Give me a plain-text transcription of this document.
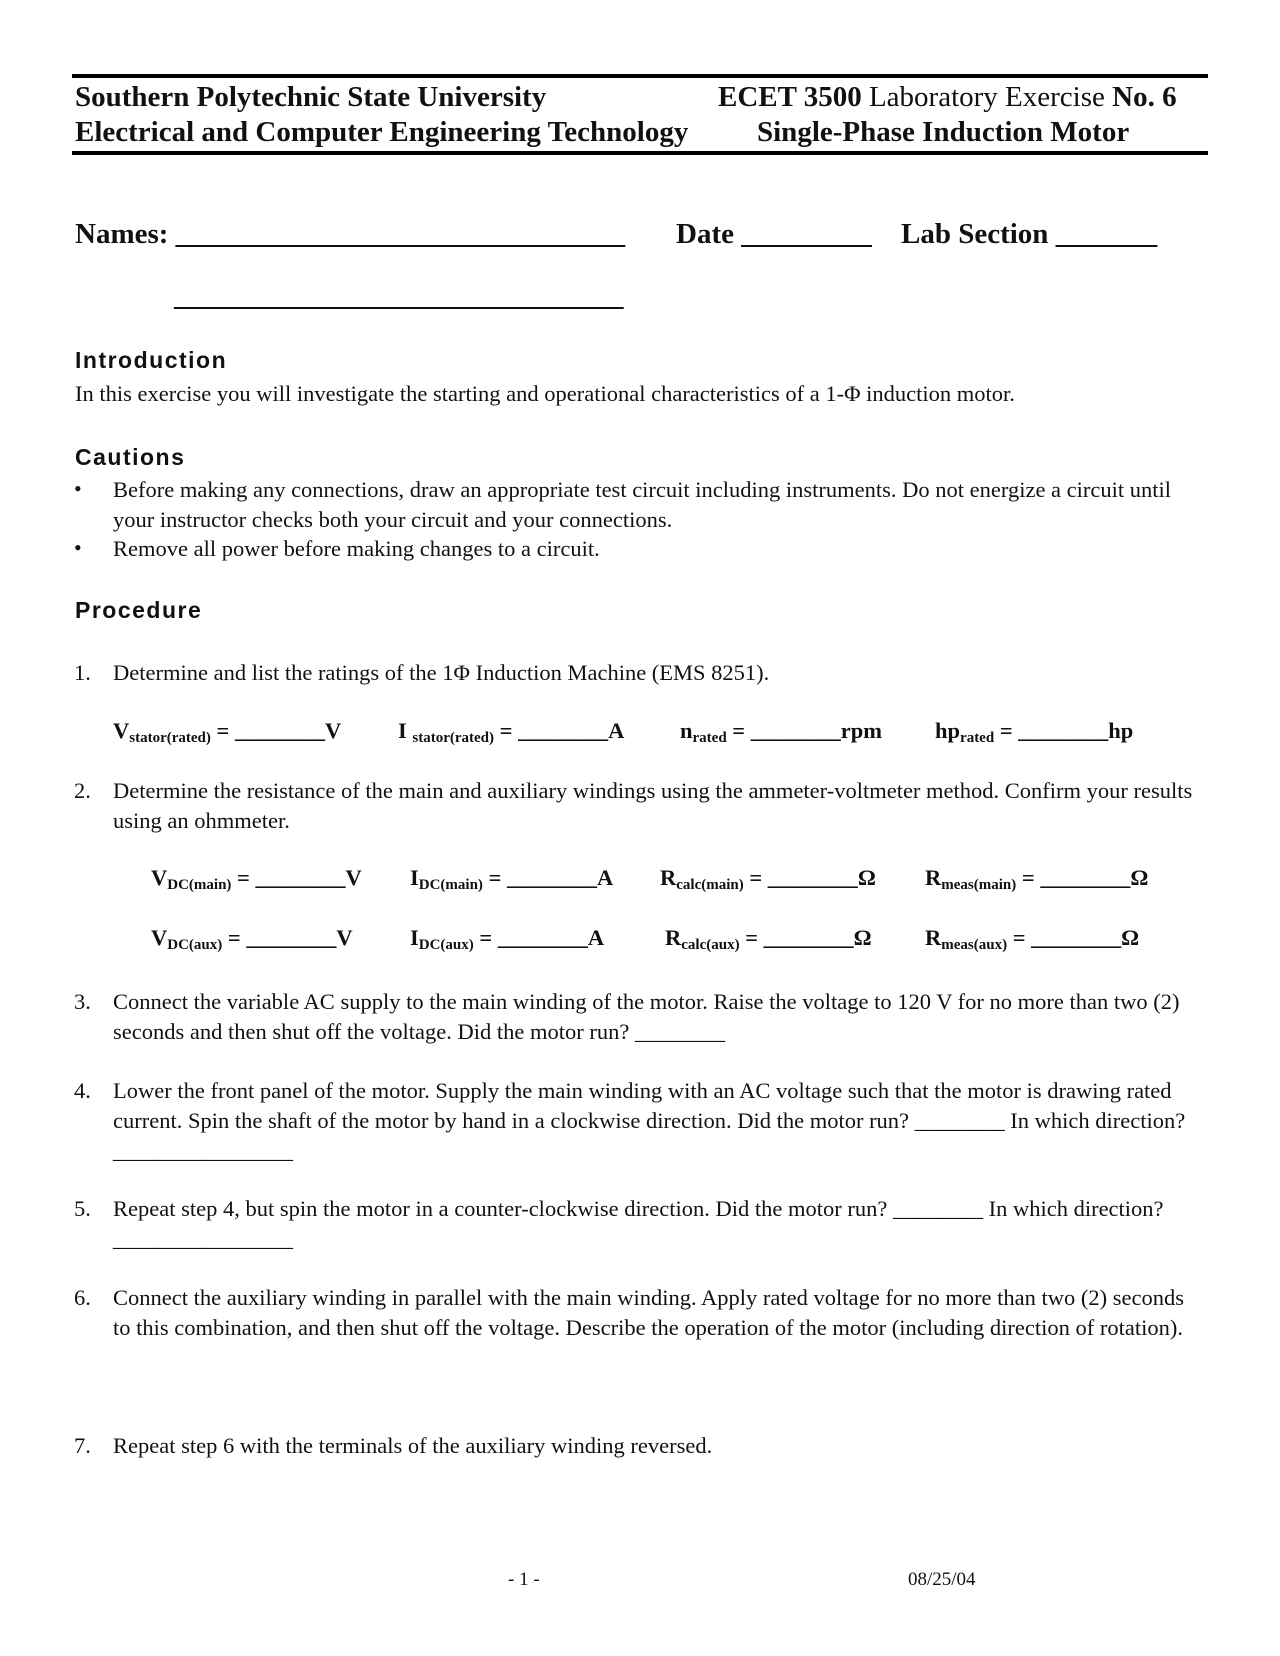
Southern Polytechnic State University	ECET 3500 Laboratory Exercise No. 6
Electrical and Computer Engineering Technology Single-Phase Induction Motor
Names: _______________________________ Date _________ Lab Section _______
_______________________________
Introduction
In this exercise you will investigate the starting and operational characteristics of a 1-Φ induction motor.
Cautions
• Before making any connections, draw an appropriate test circuit including instruments. Do not energize a circuit until your instructor checks both your circuit and your connections.
• Remove all power before making changes to a circuit.
Procedure
1. Determine and list the ratings of the 1Φ Induction Machine (EMS 8251).
$V_{stator(rated)}$ = ________V	I $_{stator(rated)}$ = ________A $n_{rated}$ = ________rpm $hp_{rated}$ = ________hp
2. Determine the resistance of the main and auxiliary windings using the ammeter-voltmeter method. Confirm your results using an ohmmeter.
$V_{DC(main)}$ = ________V $I_{DC(main)}$ = ________A $R_{calc(main)}$ = ________Ω $R_{meas(main)}$ = ________Ω
$V_{DC(aux)}$ = ________V	$I_{DC(aux)}$ = ________A	$R_{calc(aux)}$ = ________Ω $R_{meas(aux)}$ = ________Ω
3. Connect the variable AC supply to the main winding of the motor. Raise the voltage to 120 V for no more than two (2) seconds and then shut off the voltage. Did the motor run? ________
4. Lower the front panel of the motor. Supply the main winding with an AC voltage such that the motor is drawing rated current. Spin the shaft of the motor by hand in a clockwise direction. Did the motor run? ________ In which direction? ________________
5. Repeat step 4, but spin the motor in a counter-clockwise direction. Did the motor run? ________ In which direction? ________________
6. Connect the auxiliary winding in parallel with the main winding. Apply rated voltage for no more than two (2) seconds to this combination, and then shut off the voltage. Describe the operation of the motor (including direction of rotation).
7. Repeat step 6 with the terminals of the auxiliary winding reversed.
- 1 -	08/25/04
